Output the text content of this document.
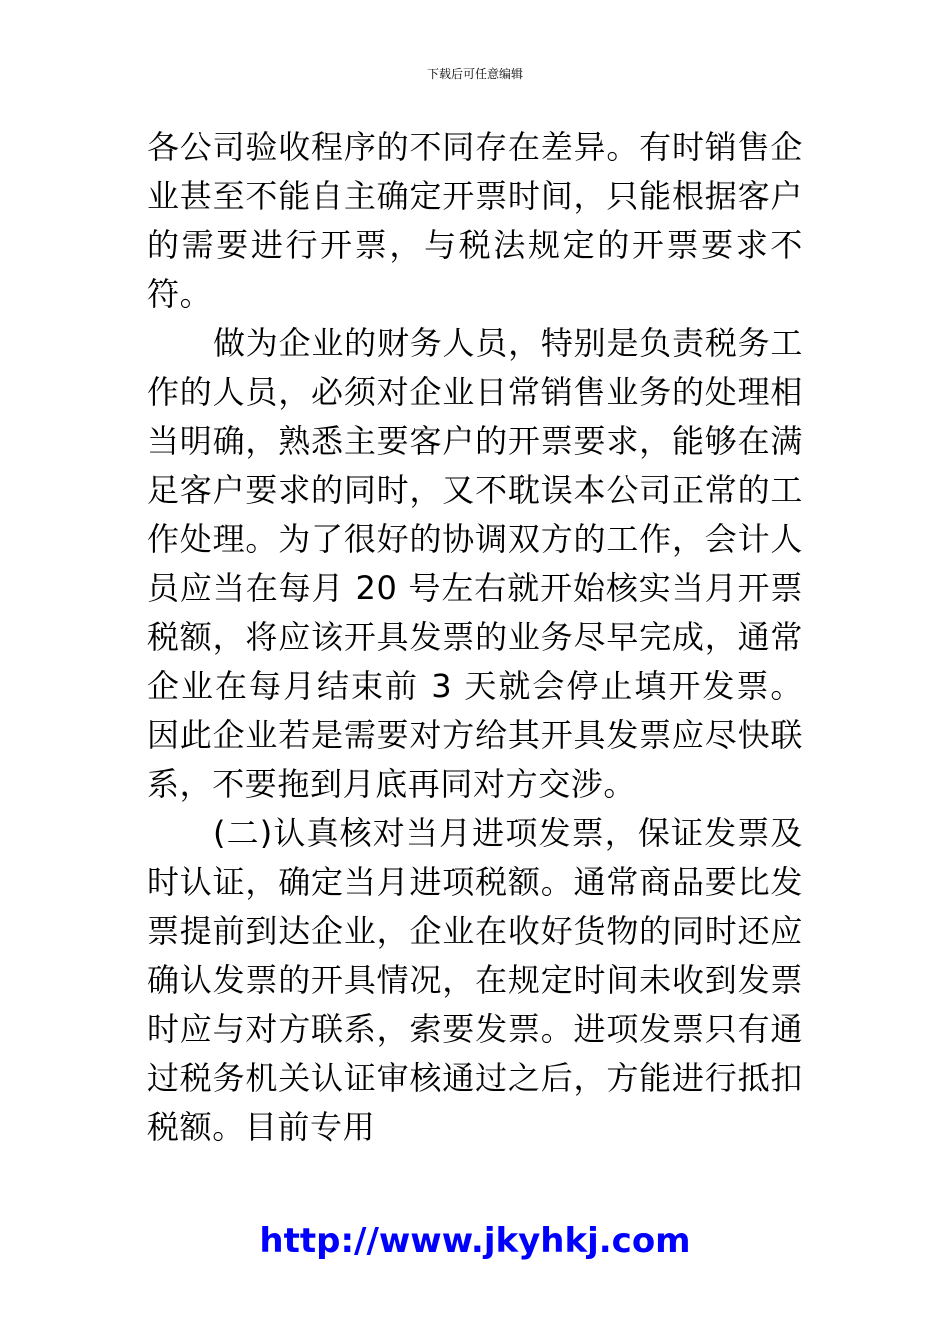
下载后可任意编辑

各公司验收程序的不同存在差异。有时销售企业甚至不能自主确定开票时间，只能根据客户的需要进行开票，与税法规定的开票要求不符。

做为企业的财务人员，特别是负责税务工作的人员，必须对企业日常销售业务的处理相当明确，熟悉主要客户的开票要求，能够在满足客户要求的同时，又不耽误本公司正常的工作处理。为了很好的协调双方的工作，会计人员应当在每月 20 号左右就开始核实当月开票税额，将应该开具发票的业务尽早完成，通常企业在每月结束前 3 天就会停止填开发票。因此企业若是需要对方给其开具发票应尽快联系，不要拖到月底再同对方交涉。

(二)认真核对当月进项发票，保证发票及时认证，确定当月进项税额。通常商品要比发票提前到达企业，企业在收好货物的同时还应确认发票的开具情况，在规定时间未收到发票时应与对方联系，索要发票。进项发票只有通过税务机关认证审核通过之后，方能进行抵扣税额。目前专用

http://www.jkyhkj.com
